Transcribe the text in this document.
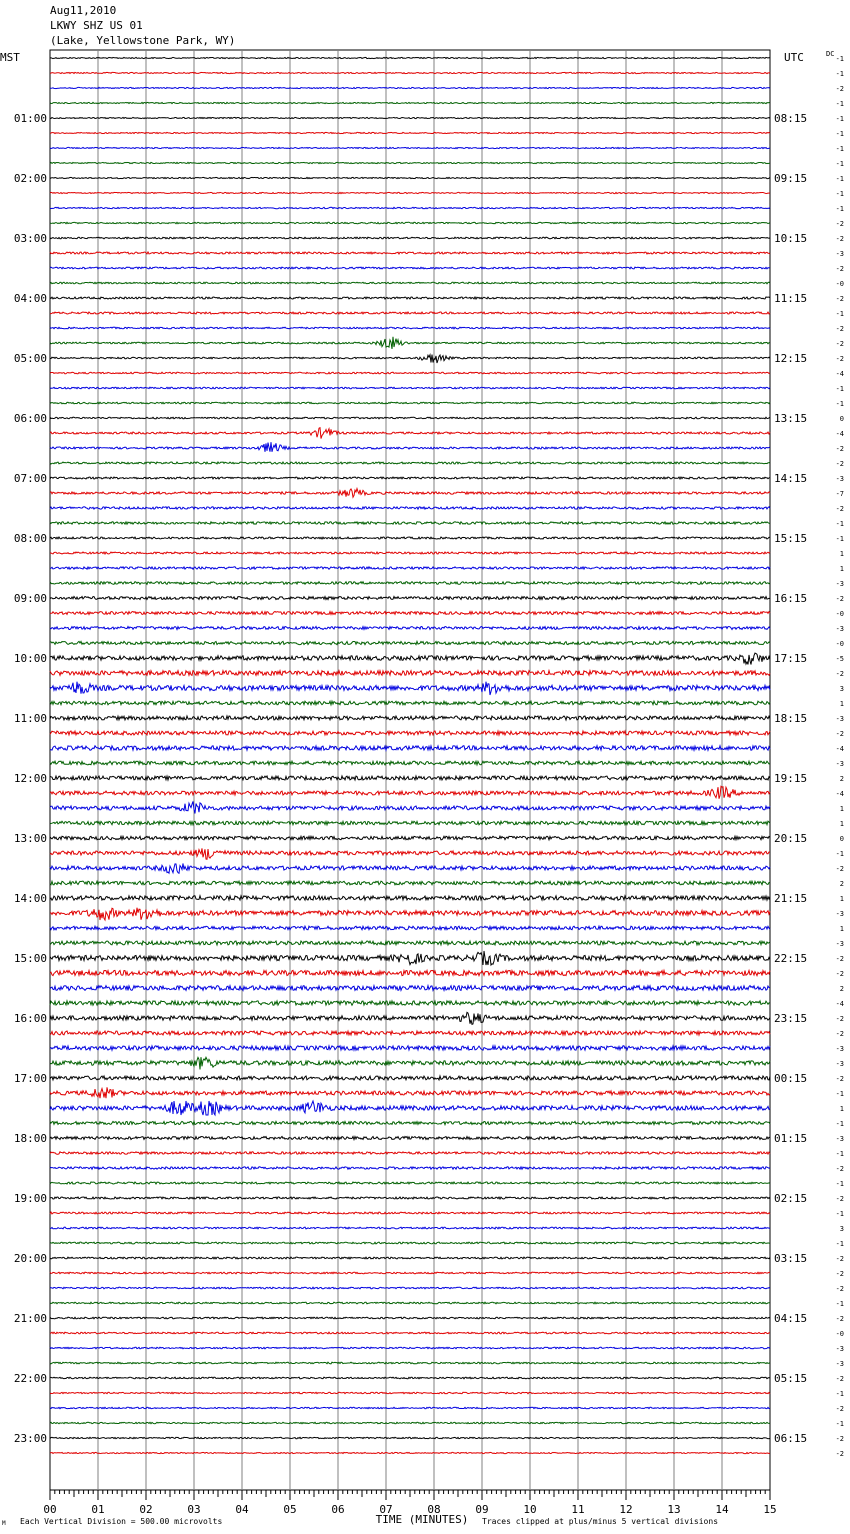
Aug11,2010
LKWY SHZ US 01
(Lake, Yellowstone Park, WY)
-1
-1
-2
-1
-1
-1
-1
-1
-1
-1
-1
-2
-2
-3
-2
-0
-2
-1
-2
-2
-2
-4
-1
-1
0
-4
-2
-2
-3
-7
-2
-1
-1
1
1
-3
-2
-0
-3
-0
-5
-2
3
1
-3
-2
-4
-3
2
-4
1
1
0
-1
-2
2
1
-3
1
-3
-2
-2
2
-4
-2
-2
-3
-3
-2
-1
1
-1
-3
-1
-2
-1
-2
-1
3
-1
-2
-2
-2
-1
-2
-0
-3
-3
-2
-1
-2
-1
-2
-2
MST	UTC	DC
01:00
02:00
03:00
04:00
05:00
06:00
07:00
08:00
09:00
10:00
11:00
12:00
13:00
14:00
15:00
16:00
17:00
18:00
19:00
20:00
21:00
22:00
23:00
08:15
09:15
10:15
11:15
12:15
13:15
14:15
15:15
16:15
17:15
18:15
19:15
20:15
21:15
22:15
23:15
00:15
01:15
02:15
03:15
04:15
05:15
06:15
00	01	02	03	04	05	06	07	08	09	10	11	12	13	14	15
M Each Vertical Division = 500.00 microvolts	TIME (MINUTES) Traces clipped at plus/minus 5 vertical divisions
